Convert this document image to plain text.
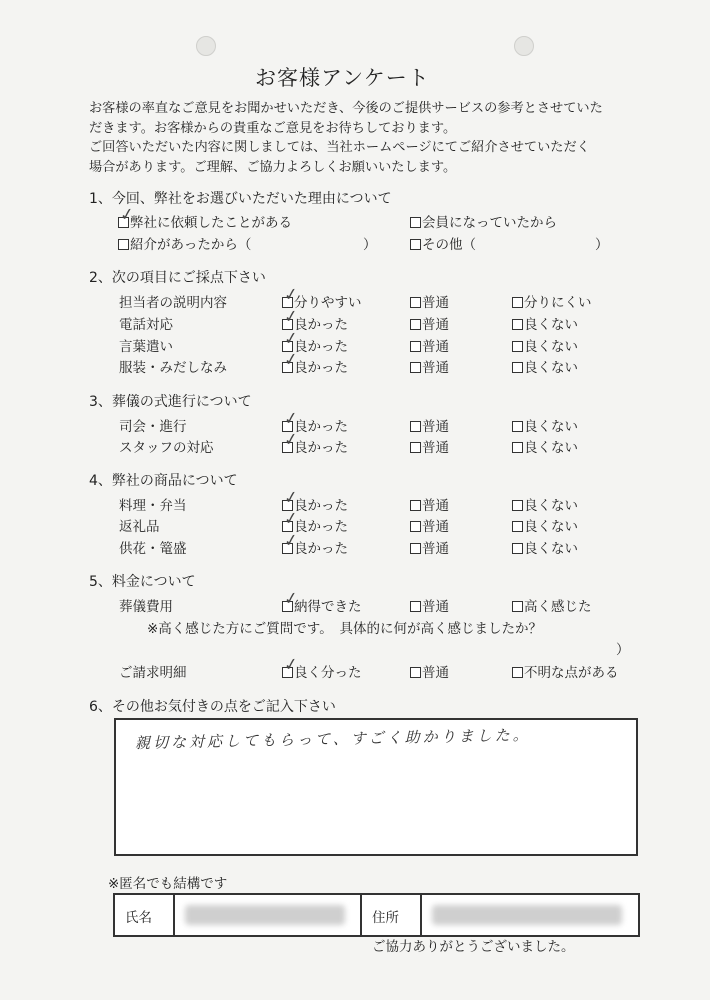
お客様アンケート
お客様の率直なご意見をお聞かせいただき、今後のご提供サービスの参考とさせていた
だきます。お客様からの貴重なご意見をお待ちしております。
ご回答いただいた内容に関しましては、当社ホームページにてご紹介させていただく
場合があります。ご理解、ご協力よろしくお願いいたします。
1、今回、弊社をお選びいただいた理由について
✓弊社に依頼したことがある	会員になっていたから
紹介があったから（	）	その他（	）
2、次の項目にご採点下さい
担当者の説明内容 ✓	分りやすい	普通	分りにくい
電話対応 ✓	良かった	普通	良くない
言葉遣い ✓	良かった	普通	良くない
服装・みだしなみ ✓	良かった	普通	良くない
3、葬儀の式進行について
司会・進行 ✓	良かった	普通	良くない
スタッフの対応 ✓	良かった	普通	良くない
4、弊社の商品について
料理・弁当 ✓	良かった	普通	良くない
返礼品 ✓	良かった	普通	良くない
供花・篭盛 ✓	良かった	普通	良くない
5、料金について
葬儀費用 ✓	納得できた	普通	高く感じた
※高く感じた方にご質問です。　具体的に何が高く感じましたか？
）
ご請求明細 ✓	良く分った	普通	不明な点がある
6、その他お気付きの点をご記入下さい
親切な対応してもらって、すごく助かりました。
※匿名でも結構です
氏名	住所
ご協力ありがとうございました。
